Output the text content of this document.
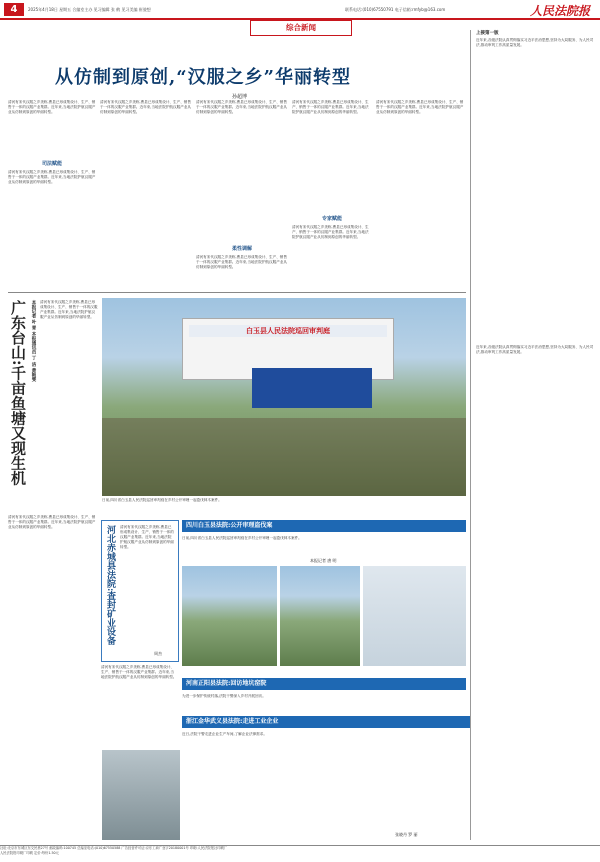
4	2025年4月18日 星期五 合编室主办 见习编辑 张 鹤 见习美编 崔骏想	联系电话:(010)67550791 电子信箱:rmfyb@163.com	人民法院报
综合新闻
从仿制到原创,“汉服之乡”华丽转型
孙超博
清河有宋代汉服之乡美称,曹县已形成集设计、生产、销售于一体的汉服产业集群。近年来,当地法院护航汉服产业从仿制到原创的华丽转型。
司法赋能
清河有宋代汉服之乡美称,曹县已形成集设计、生产、销售于一体的汉服产业集群。近年来,当地法院护航汉服产业从仿制到原创的华丽转型。
清河有宋代汉服之乡美称,曹县已形成集设计、生产、销售于一体的汉服产业集群。近年来,当地法院护航汉服产业从仿制到原创的华丽转型。
清河有宋代汉服之乡美称,曹县已形成集设计、生产、销售于一体的汉服产业集群。近年来,当地法院护航汉服产业从仿制到原创的华丽转型。
柔性调解
清河有宋代汉服之乡美称,曹县已形成集设计、生产、销售于一体的汉服产业集群。近年来,当地法院护航汉服产业从仿制到原创的华丽转型。
清河有宋代汉服之乡美称,曹县已形成集设计、生产、销售于一体的汉服产业集群。近年来,当地法院护航汉服产业从仿制到原创的华丽转型。
专家赋能
清河有宋代汉服之乡美称,曹县已形成集设计、生产、销售于一体的汉服产业集群。近年来,当地法院护航汉服产业从仿制到原创的华丽转型。
清河有宋代汉服之乡美称,曹县已形成集设计、生产、销售于一体的汉服产业集群。近年来,当地法院护航汉服产业从仿制到原创的华丽转型。
上接第一版
近年来,各级法院认真贯彻落实习近平法治思想,坚持为大局服务、为人民司法,推动审判工作高质量发展。
近年来,各级法院认真贯彻落实习近平法治思想,坚持为大局服务、为人民司法,推动审判工作高质量发展。
广东台山:千亩鱼塘又现生机 本报记者 叶 青 本报通讯员 丁 洁 黄艳雯 清河有宋代汉服之乡美称,曹县已形成集设计、生产、销售于一体的汉服产业集群。近年来,当地法院护航汉服产业从仿制到原创的华丽转型。
清河有宋代汉服之乡美称,曹县已形成集设计、生产、销售于一体的汉服产业集群。近年来,当地法院护航汉服产业从仿制到原创的华丽转型。
白玉县人民法院巡回审判庭
日前,四川省白玉县人民法院巡回审判庭在乡村公开审理一起盗伐林木案件。
河北赤城县法院:查封矿业设备	清河有宋代汉服之乡美称,曹县已形成集设计、生产、销售于一体的汉服产业集群。近年来,当地法院护航汉服产业从仿制到原创的华丽转型。
周杰
清河有宋代汉服之乡美称,曹县已形成集设计、生产、销售于一体的汉服产业集群。近年来,当地法院护航汉服产业从仿制到原创的华丽转型。
四川白玉县法院:公开审理盗伐案
日前,四川省白玉县人民法院巡回审判庭在乡村公开审理一起盗伐林木案件。
本报记者 唐 明
河南正阳县法院:回访地坑窑院
为进一步保护传统村落,法院干警深入乡村开展回访。
浙江金华武义县法院:走进工业企业
近日,法院干警走进企业生产车间,了解企业法律需求。
张晓丹 罗 丽
社址:北京市东城区东交民巷27号 邮政编码:100745 总编室电话:(010)67550588 广告经营许可证:京东工商广登字20180001号 印刷:人民法院报社印刷厂
人民法院报印刷厂印刷 定价:每份1.50元
